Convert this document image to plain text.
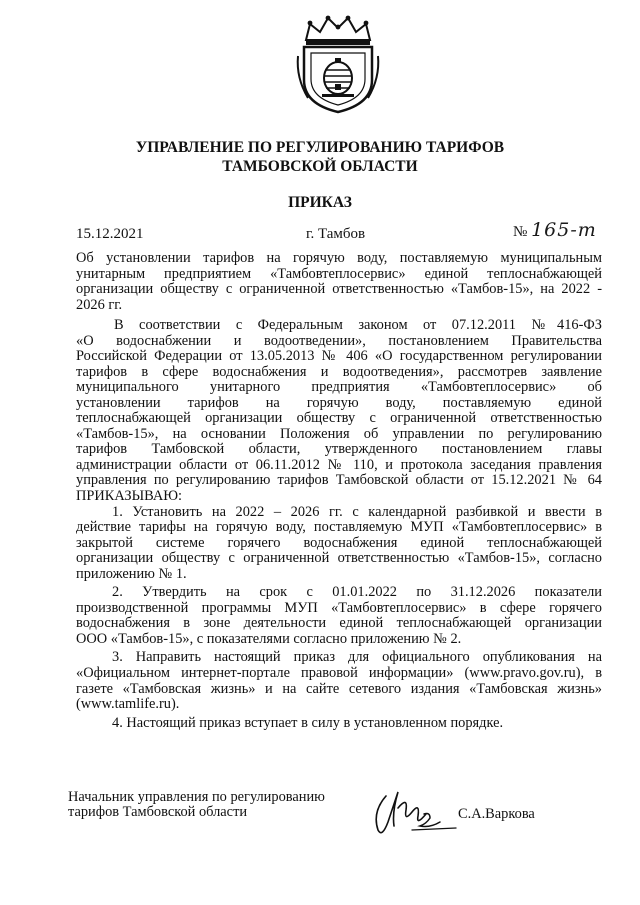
УПРАВЛЕНИЕ ПО РЕГУЛИРОВАНИЮ ТАРИФОВ
ТАМБОВСКОЙ ОБЛАСТИ
ПРИКАЗ
15.12.2021	г. Тамбов	№ 165-т
Об установлении тарифов на горячую воду, поставляемую муниципальным
унитарным предприятием «Тамбовтеплосервис» единой теплоснабжающей
организации обществу с ограниченной ответственностью «Тамбов-15», на 2022 -
2026 гг.
В соответствии с Федеральным законом от 07.12.2011 №416-ФЗ
«О водоснабжении и водоотведении», постановлением Правительства
Российской Федерации от 13.05.2013 № 406 «О государственном регулировании
тарифов в сфере водоснабжения и водоотведения», рассмотрев заявление
муниципального унитарного предприятия «Тамбовтеплосервис» об
установлении тарифов на горячую воду, поставляемую единой
теплоснабжающей организации обществу с ограниченной ответственностью
«Тамбов-15», на основании Положения об управлении по регулированию
тарифов Тамбовской области, утвержденного постановлением главы
администрации области от 06.11.2012 № 110, и протокола заседания правления
управления по регулированию тарифов Тамбовской области от 15.12.2021 № 64
ПРИКАЗЫВАЮ:
1. Установить на 2022 – 2026 гг. с календарной разбивкой и ввести в
действие тарифы на горячую воду, поставляемую МУП «Тамбовтеплосервис» в
закрытой системе горячего водоснабжения единой теплоснабжающей
организации обществу с ограниченной ответственностью «Тамбов-15», согласно
приложению № 1.
2. Утвердить на срок с 01.01.2022 по 31.12.2026 показатели
производственной программы МУП «Тамбовтеплосервис» в сфере горячего
водоснабжения в зоне деятельности единой теплоснабжающей организации
ООО «Тамбов-15», с показателями согласно приложению № 2.
3. Направить настоящий приказ для официального опубликования на
«Официальном интернет-портале правовой информации» (www.pravo.gov.ru), в
газете «Тамбовская жизнь» и на сайте сетевого издания «Тамбовская жизнь»
(www.tamlife.ru).
4. Настоящий приказ вступает в силу в установленном порядке.
Начальник управления по регулированию
тарифов Тамбовской области	С.А.Варкова
